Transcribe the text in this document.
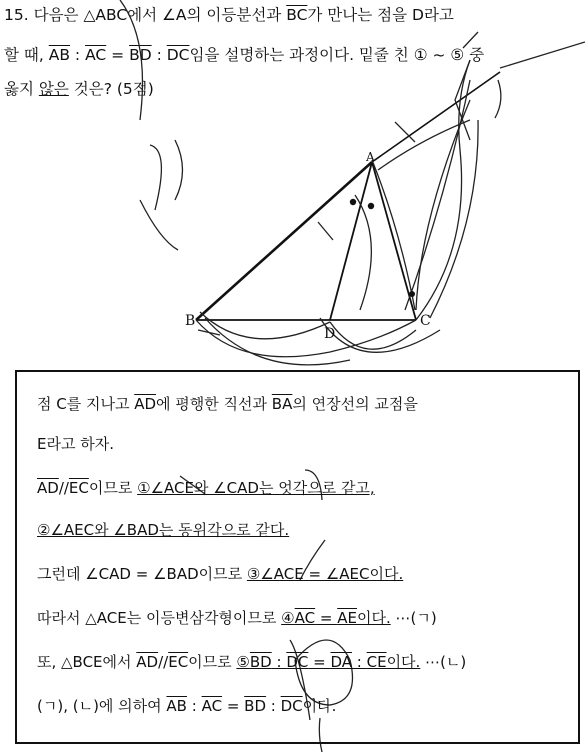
15. 다음은 △ABC에서 ∠A의 이등분선과 $\overline{BC}$가 만나는 점을 D라고
할 때, $\overline{AB}$ : $\overline{AC} = \overline{BD}$ : $\overline{DC}$임을 설명하는 과정이다. 밑줄 친 ① ~ ⑤ 중
옳지 않은 것은? (5점)
B
D
C
A
점 C를 지나고 $\overline{AD}$에 평행한 직선과 $\overline{BA}$의 연장선의 교점을
E라고 하자.
$\overline{AD}//\overline{EC}$이므로 ①∠ACE와 ∠CAD는 엇각으로 같고,
②∠AEC와 ∠BAD는 동위각으로 같다.
그런데 ∠CAD = ∠BAD이므로 ③∠ACE = ∠AEC이다.
따라서 △ACE는 이등변삼각형이므로 ④AC = AE이다. ⋯(ㄱ)
또, △BCE에서 $\overline{AD}//\overline{EC}$이므로 ⑤BD : DC = DA : CE이다. ⋯(ㄴ)
(ㄱ), (ㄴ)에 의하여 $\overline{AB}$ : $\overline{AC} = \overline{BD}$ : $\overline{DC}$이다.
